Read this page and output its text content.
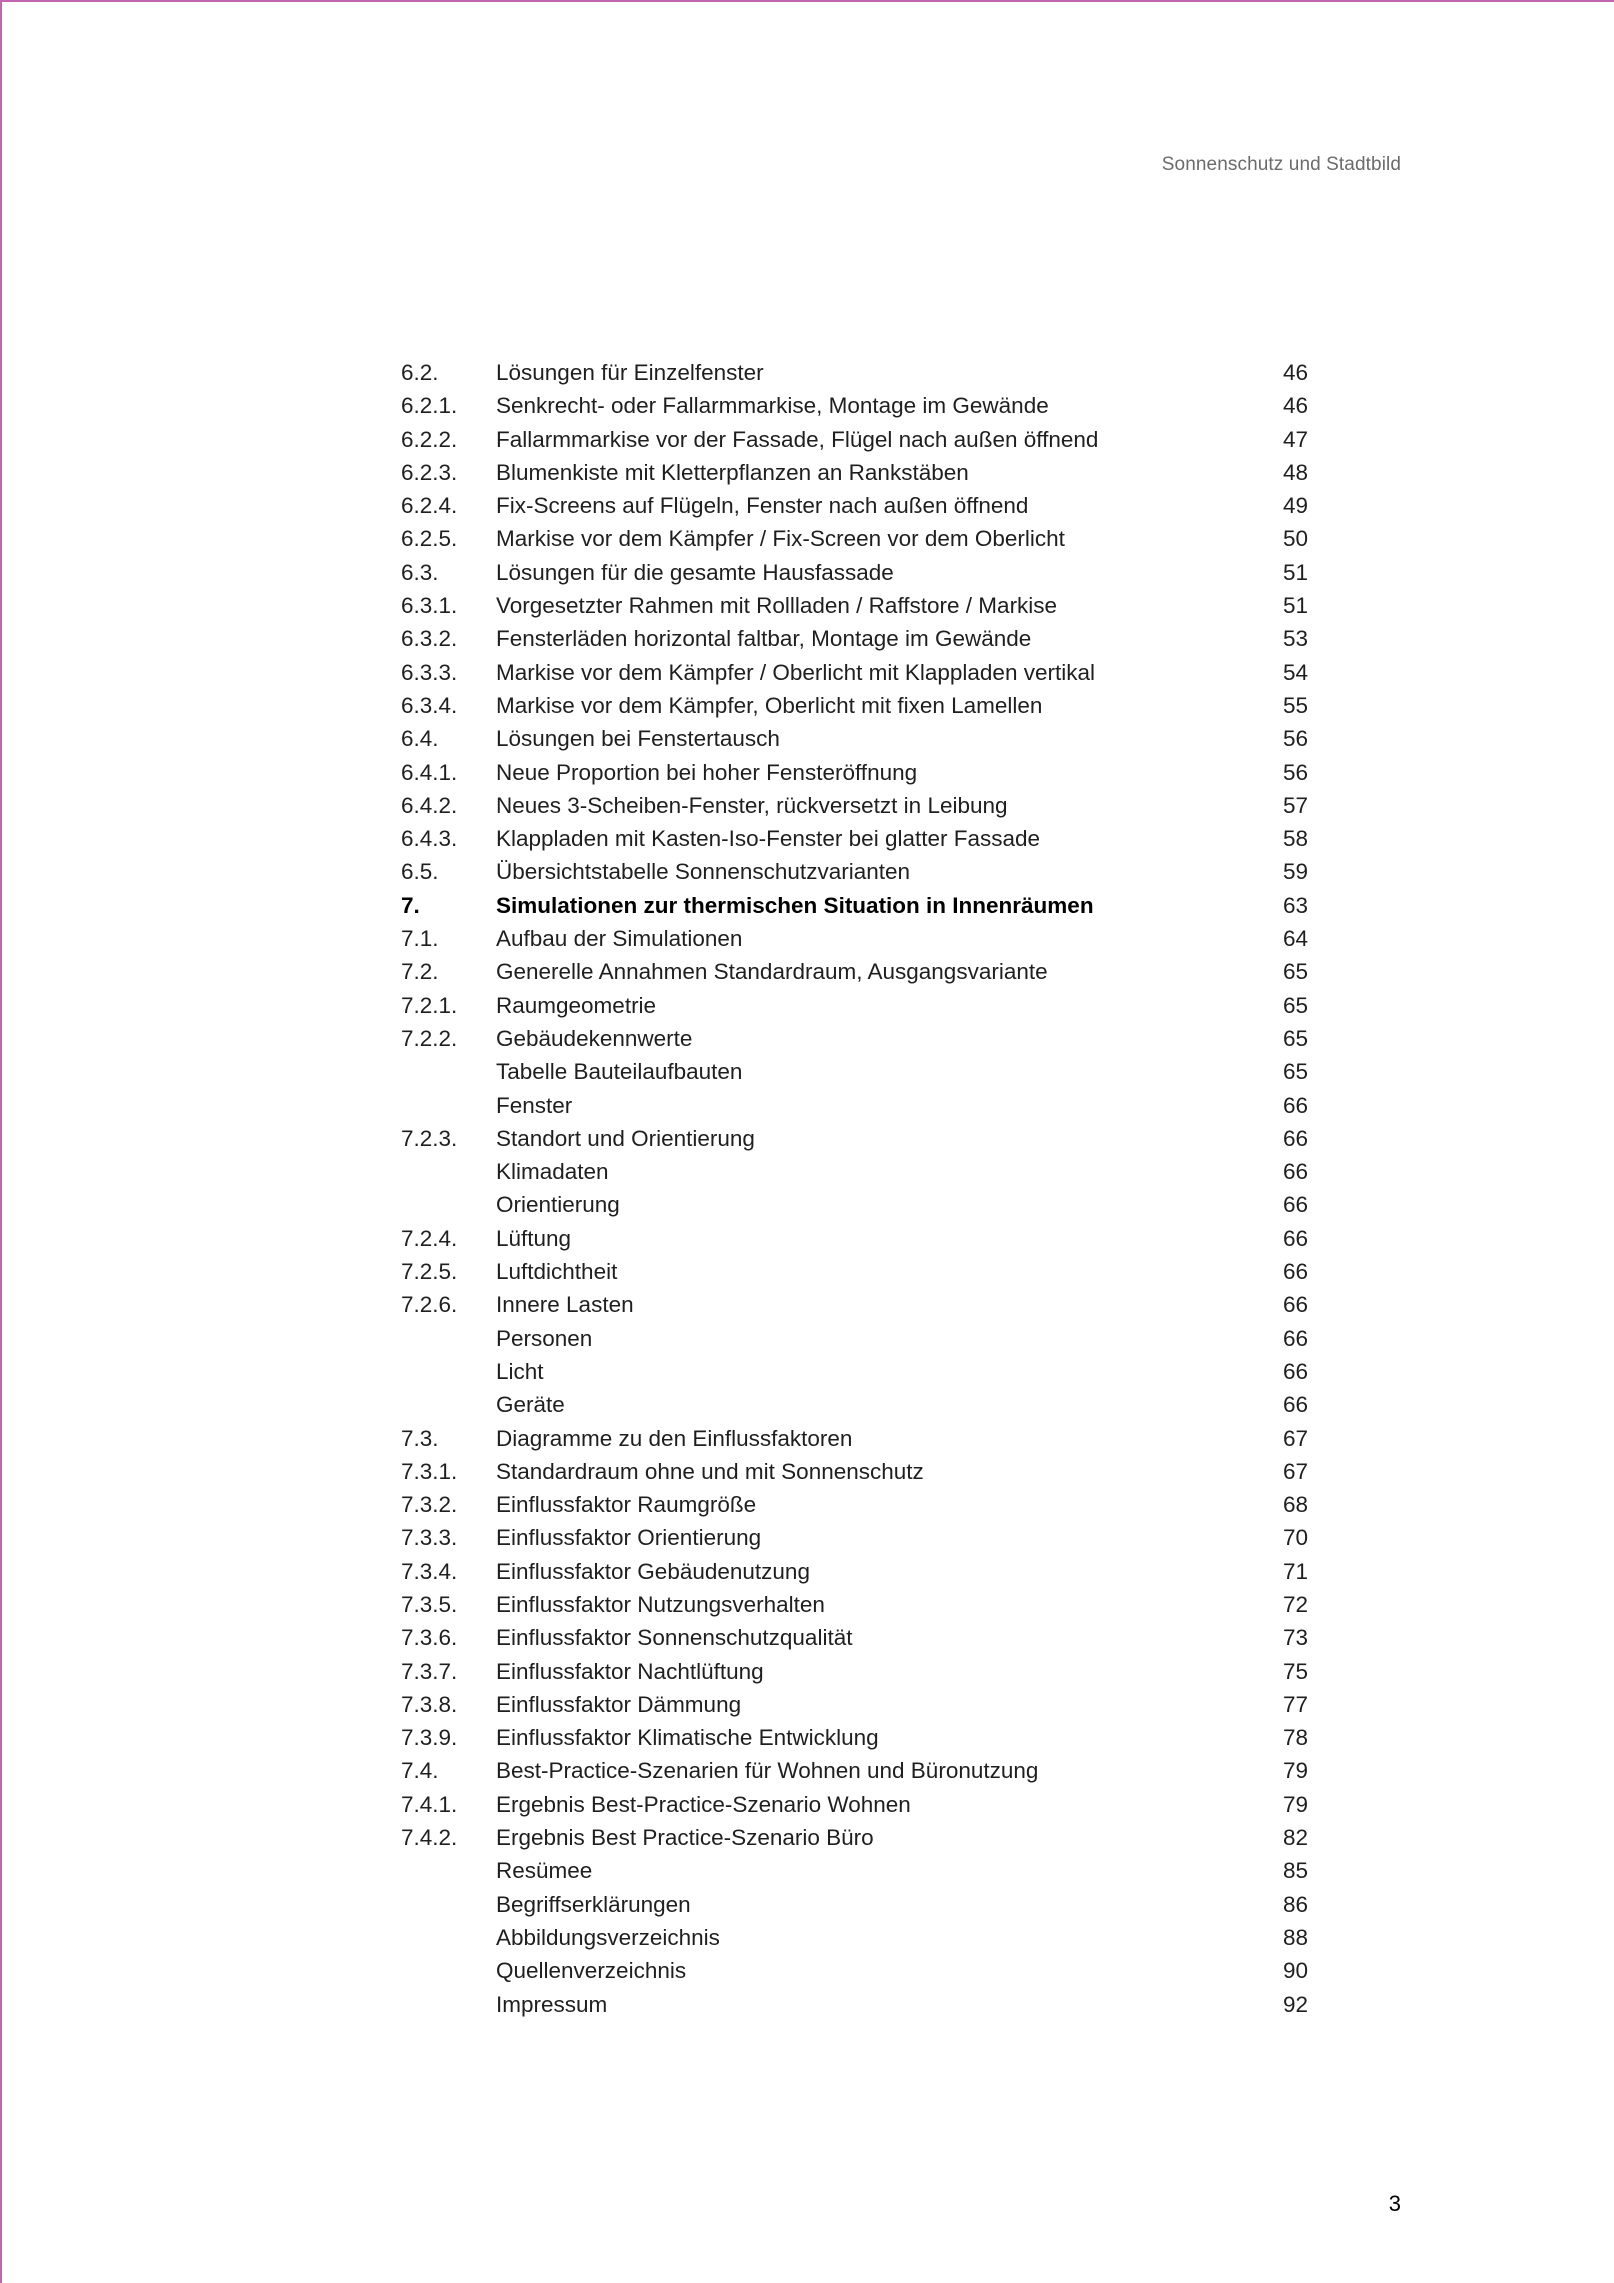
Sonnenschutz und Stadtbild
6.2.	Lösungen für Einzelfenster	46
6.2.1. Senkrecht- oder Fallarmmarkise, Montage im Gewände	46
6.2.2. Fallarmmarkise vor der Fassade, Flügel nach außen öffnend	47
6.2.3. Blumenkiste mit Kletterpflanzen an Rankstäben	48
6.2.4. Fix-Screens auf Flügeln, Fenster nach außen öffnend	49
6.2.5. Markise vor dem Kämpfer / Fix-Screen vor dem Oberlicht	50
6.3.	Lösungen für die gesamte Hausfassade	51
6.3.1. Vorgesetzter Rahmen mit Rollladen / Raffstore / Markise	51
6.3.2. Fensterläden horizontal faltbar, Montage im Gewände	53
6.3.3. Markise vor dem Kämpfer / Oberlicht mit Klappladen vertikal	54
6.3.4. Markise vor dem Kämpfer, Oberlicht mit fixen Lamellen	55
6.4.	Lösungen bei Fenstertausch	56
6.4.1. Neue Proportion bei hoher Fensteröffnung	56
6.4.2. Neues 3-Scheiben-Fenster, rückversetzt in Leibung	57
6.4.3. Klappladen mit Kasten-Iso-Fenster bei glatter Fassade	58
6.5.	Übersichtstabelle Sonnenschutzvarianten	59
7.	Simulationen zur thermischen Situation in Innenräumen	63
7.1.	Aufbau der Simulationen	64
7.2.	Generelle Annahmen Standardraum, Ausgangsvariante	65
7.2.1. Raumgeometrie	65
7.2.2. Gebäudekennwerte	65
Tabelle Bauteilaufbauten	65
Fenster	66
7.2.3. Standort und Orientierung	66
Klimadaten	66
Orientierung	66
7.2.4. Lüftung	66
7.2.5. Luftdichtheit	66
7.2.6. Innere Lasten	66
Personen	66
Licht	66
Geräte	66
7.3.	Diagramme zu den Einflussfaktoren	67
7.3.1. Standardraum ohne und mit Sonnenschutz	67
7.3.2. Einflussfaktor Raumgröße	68
7.3.3. Einflussfaktor Orientierung	70
7.3.4. Einflussfaktor Gebäudenutzung	71
7.3.5. Einflussfaktor Nutzungsverhalten	72
7.3.6. Einflussfaktor Sonnenschutzqualität	73
7.3.7. Einflussfaktor Nachtlüftung	75
7.3.8. Einflussfaktor Dämmung	77
7.3.9. Einflussfaktor Klimatische Entwicklung	78
7.4.	Best-Practice-Szenarien für Wohnen und Büronutzung	79
7.4.1. Ergebnis Best-Practice-Szenario Wohnen	79
7.4.2. Ergebnis Best Practice-Szenario Büro	82
Resümee	85
Begriffserklärungen	86
Abbildungsverzeichnis	88
Quellenverzeichnis	90
Impressum	92
3
